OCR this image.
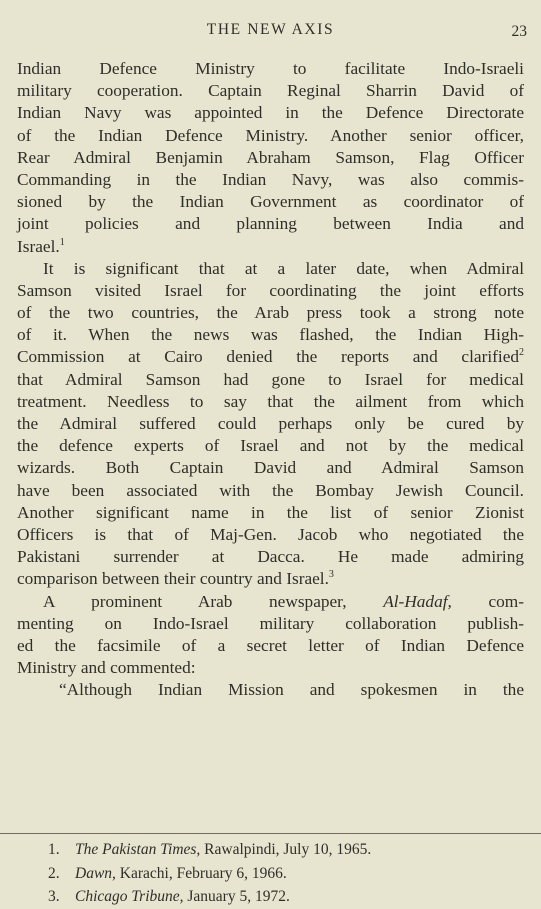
THE NEW AXIS	23
Indian Defence Ministry to facilitate Indo-Israeli
military cooperation. Captain Reginal Sharrin David of
Indian Navy was appointed in the Defence Directorate
of the Indian Defence Ministry. Another senior officer,
Rear Admiral Benjamin Abraham Samson, Flag Officer
Commanding in the Indian Navy, was also commis-
sioned by the Indian Government as coordinator of
joint policies and planning between India and
Israel.$^1$
It is significant that at a later date, when Admiral
Samson visited Israel for coordinating the joint efforts
of the two countries, the Arab press took a strong note
of it. When the news was flashed, the Indian High-
Commission at Cairo denied the reports and clarified$^2$
that Admiral Samson had gone to Israel for medical
treatment. Needless to say that the ailment from which
the Admiral suffered could perhaps only be cured by
the defence experts of Israel and not by the medical
wizards. Both Captain David and Admiral Samson
have been associated with the Bombay Jewish Council.
Another significant name in the list of senior Zionist
Officers is that of Maj-Gen. Jacob who negotiated the
Pakistani surrender at Dacca. He made admiring
comparison between their country and Israel.$^3$
A prominent Arab newspaper, Al-Hadaf, com-
menting on Indo-Israel military collaboration publish-
ed the facsimile of a secret letter of Indian Defence
Ministry and commented:
“Although Indian Mission and spokesmen in the
1. The Pakistan Times, Rawalpindi, July 10, 1965.
2. Dawn, Karachi, February 6, 1966.
3. Chicago Tribune, January 5, 1972.
